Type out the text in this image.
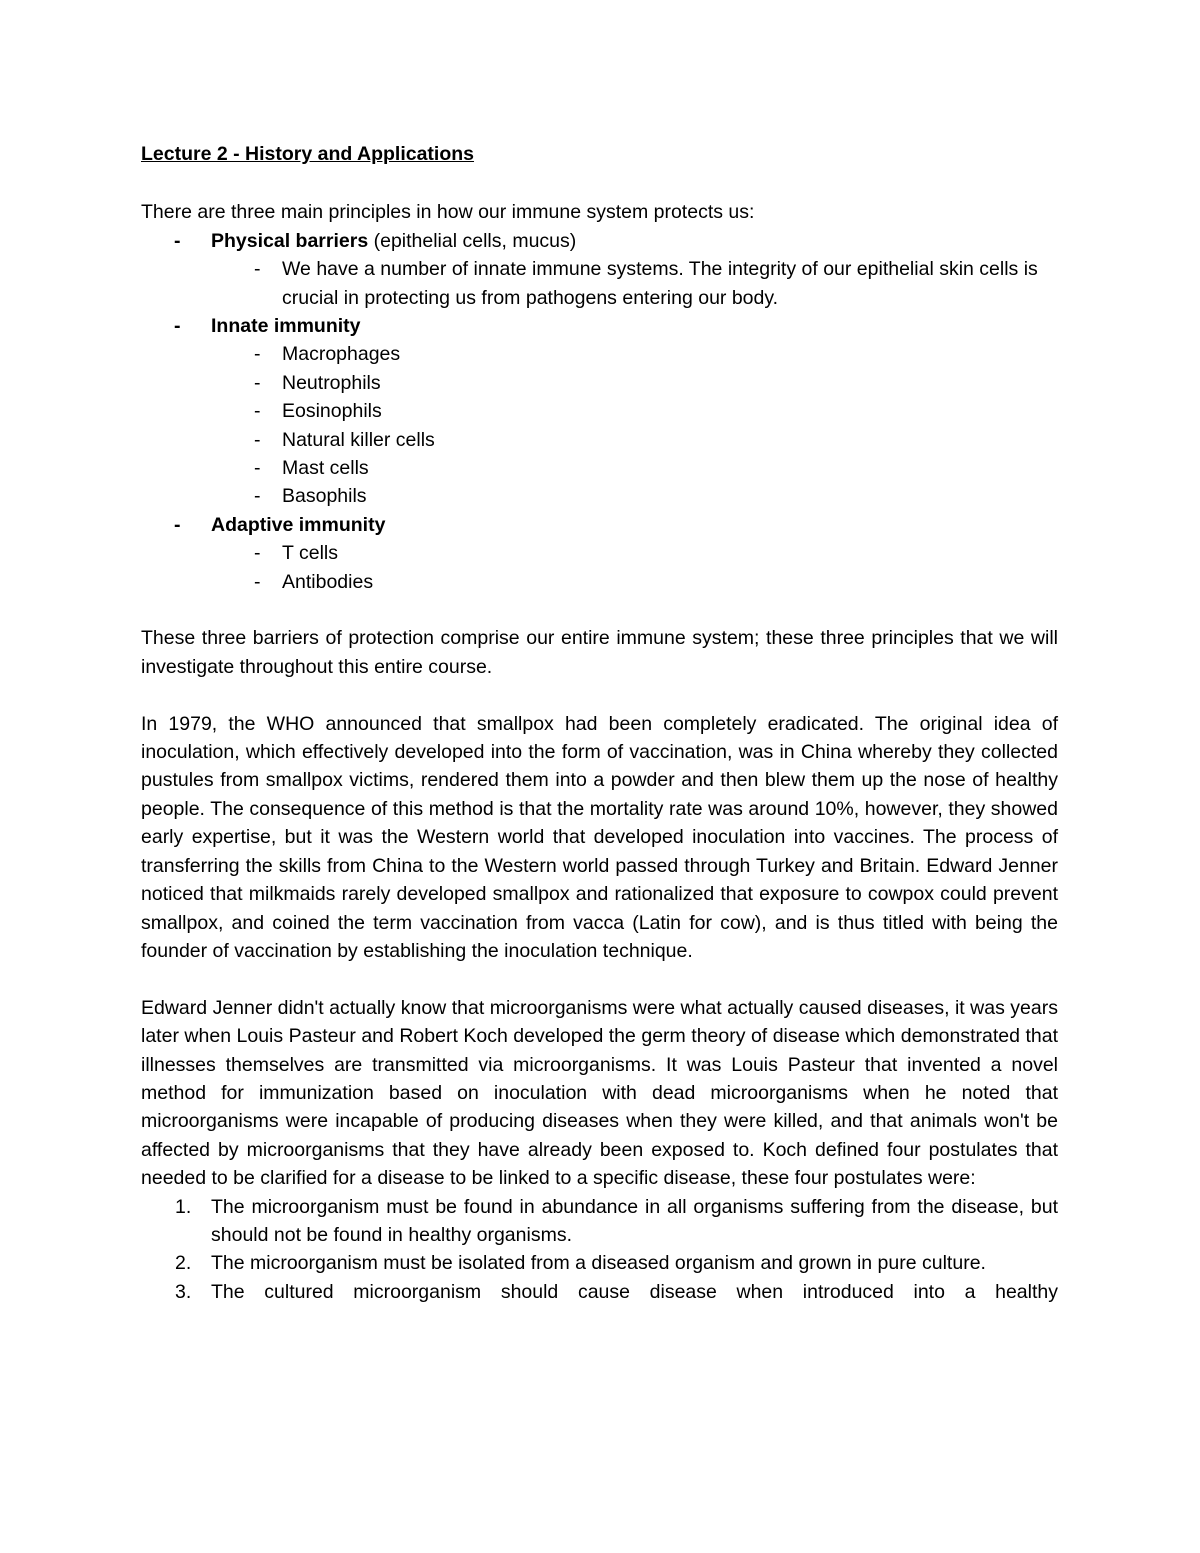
Lecture 2 - History and Applications

There are three main principles in how our immune system protects us:

- Physical barriers (epithelial cells, mucus)
- We have a number of innate immune systems. The integrity of our epithelial skin cells is crucial in protecting us from pathogens entering our body.
- Innate immunity
- Macrophages
- Neutrophils
- Eosinophils
- Natural killer cells
- Mast cells
- Basophils
- Adaptive immunity
- T cells
- Antibodies

These three barriers of protection comprise our entire immune system; these three principles that we will investigate throughout this entire course.

In 1979, the WHO announced that smallpox had been completely eradicated. The original idea of inoculation, which effectively developed into the form of vaccination, was in China whereby they collected pustules from smallpox victims, rendered them into a powder and then blew them up the nose of healthy people. The consequence of this method is that the mortality rate was around 10%, however, they showed early expertise, but it was the Western world that developed inoculation into vaccines. The process of transferring the skills from China to the Western world passed through Turkey and Britain. Edward Jenner noticed that milkmaids rarely developed smallpox and rationalized that exposure to cowpox could prevent smallpox, and coined the term vaccination from vacca (Latin for cow), and is thus titled with being the founder of vaccination by establishing the inoculation technique.

Edward Jenner didn't actually know that microorganisms were what actually caused diseases, it was years later when Louis Pasteur and Robert Koch developed the germ theory of disease which demonstrated that illnesses themselves are transmitted via microorganisms. It was Louis Pasteur that invented a novel method for immunization based on inoculation with dead microorganisms when he noted that microorganisms were incapable of producing diseases when they were killed, and that animals won't be affected by microorganisms that they have already been exposed to. Koch defined four postulates that needed to be clarified for a disease to be linked to a specific disease, these four postulates were:

1. The microorganism must be found in abundance in all organisms suffering from the disease, but should not be found in healthy organisms.
2. The microorganism must be isolated from a diseased organism and grown in pure culture.
3. The cultured microorganism should cause disease when introduced into a healthy
